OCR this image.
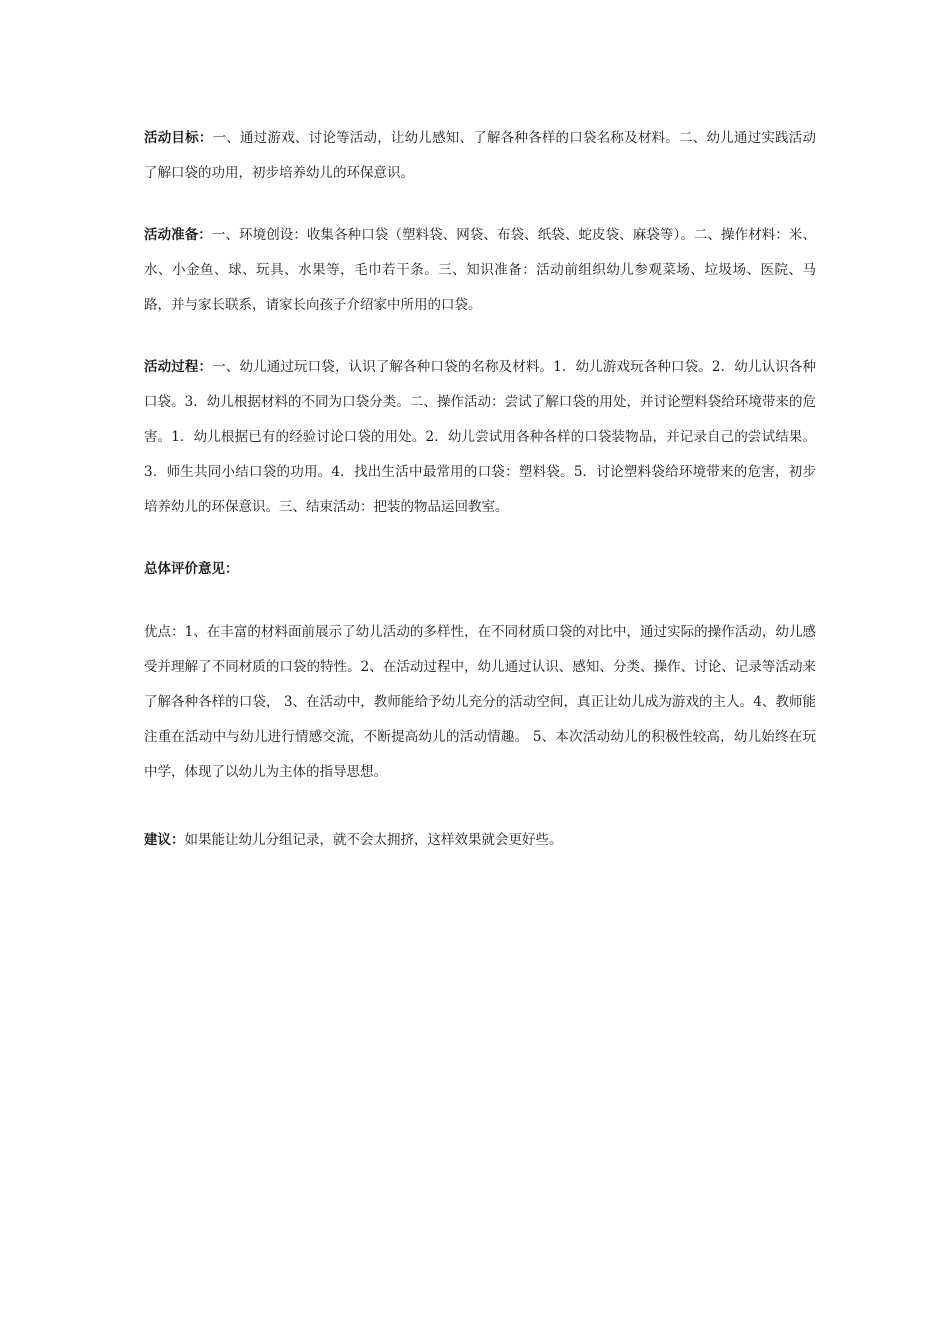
活动目标：一、通过游戏、讨论等活动，让幼儿感知、了解各种各样的口袋名称及材料。二、幼儿通过实践活动了解口袋的功用，初步培养幼儿的环保意识。

活动准备：一、环境创设：收集各种口袋（塑料袋、网袋、布袋、纸袋、蛇皮袋、麻袋等）。二、操作材料：米、水、小金鱼、球、玩具、水果等，毛巾若干条。三、知识准备：活动前组织幼儿参观菜场、垃圾场、医院、马路，并与家长联系，请家长向孩子介绍家中所用的口袋。

活动过程：一、幼儿通过玩口袋，认识了解各种口袋的名称及材料。1．幼儿游戏玩各种口袋。2．幼儿认识各种口袋。3．幼儿根据材料的不同为口袋分类。二、操作活动：尝试了解口袋的用处，并讨论塑料袋给环境带来的危害。1．幼儿根据已有的经验讨论口袋的用处。2．幼儿尝试用各种各样的口袋装物品，并记录自己的尝试结果。3．师生共同小结口袋的功用。4．找出生活中最常用的口袋：塑料袋。5．讨论塑料袋给环境带来的危害，初步培养幼儿的环保意识。三、结束活动：把装的物品运回教室。

总体评价意见：

优点：1、在丰富的材料面前展示了幼儿活动的多样性，在不同材质口袋的对比中，通过实际的操作活动，幼儿感受并理解了不同材质的口袋的特性。2、在活动过程中，幼儿通过认识、感知、分类、操作、讨论、记录等活动来了解各种各样的口袋， 3、在活动中，教师能给予幼儿充分的活动空间，真正让幼儿成为游戏的主人。4、教师能注重在活动中与幼儿进行情感交流，不断提高幼儿的活动情趣。 5、本次活动幼儿的积极性较高，幼儿始终在玩中学，体现了以幼儿为主体的指导思想。

建议：如果能让幼儿分组记录，就不会太拥挤，这样效果就会更好些。
